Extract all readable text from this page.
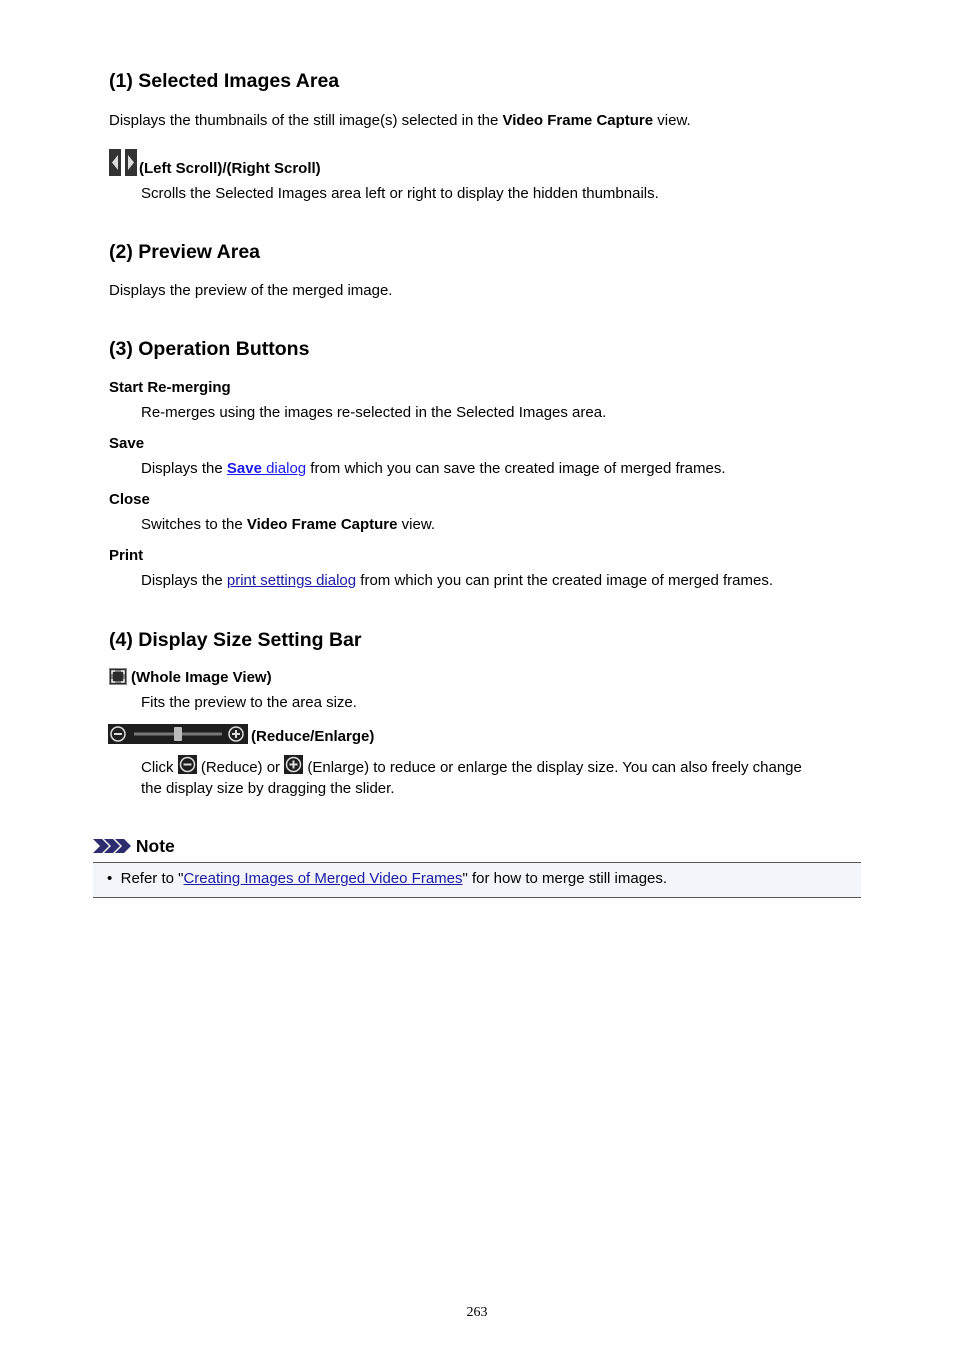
(1) Selected Images Area
Displays the thumbnails of the still image(s) selected in the Video Frame Capture view.

(Left Scroll)/(Right Scroll)
Scrolls the Selected Images area left or right to display the hidden thumbnails.
(2) Preview Area
Displays the preview of the merged image.
(3) Operation Buttons
Start Re-merging
Re-merges using the images re-selected in the Selected Images area.
Save
Displays the Save dialog from which you can save the created image of merged frames.
Close
Switches to the Video Frame Capture view.
Print
Displays the print settings dialog from which you can print the created image of merged frames.
(4) Display Size Setting Bar
(Whole Image View)
Fits the preview to the area size.
(Reduce/Enlarge)
Click  (Reduce) or  (Enlarge) to reduce or enlarge the display size. You can also freely change
the display size by dragging the slider.
Note
• Refer to "Creating Images of Merged Video Frames" for how to merge still images.
263
